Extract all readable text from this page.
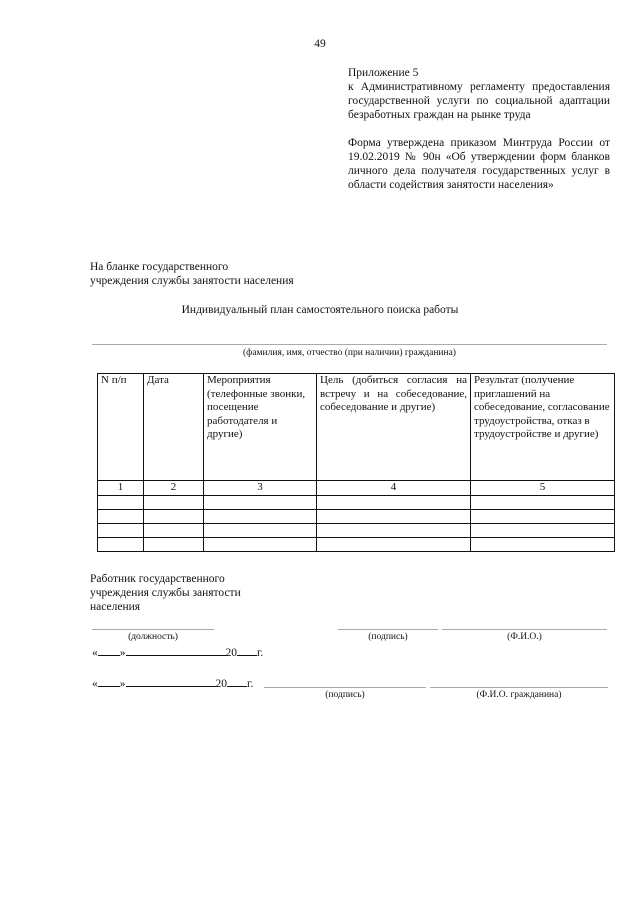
49

Приложение 5

к Административному регламенту предоставления государственной услуги по социальной адаптации безработных граждан на рынке труда

Форма утверждена приказом Минтруда России от 19.02.2019 № 90н «Об утверждении форм бланков личного дела получателя государственных услуг в области содействия занятости населения»

На бланке государственного
учреждения службы занятости населения
Индивидуальный план самостоятельного поиска работы
(фамилия, имя, отчество (при наличии) гражданина)
N п/п	Дата	Мероприятия (телефонные звонки, посещение работодателя и другие)	Цель (добиться согласия на встречу и на собеседование, собеседование и другие)	Результат (получение приглашений на собеседование, согласование трудоустройства, отказ в трудоустройстве и другие)
1	2	3	4	5

Работник государственного
учреждения службы занятости
населения
(должность)	(подпись)	(Ф.И.О.)
« »	20 г.
« »	20 г.
(подпись)	(Ф.И.О. гражданина)
